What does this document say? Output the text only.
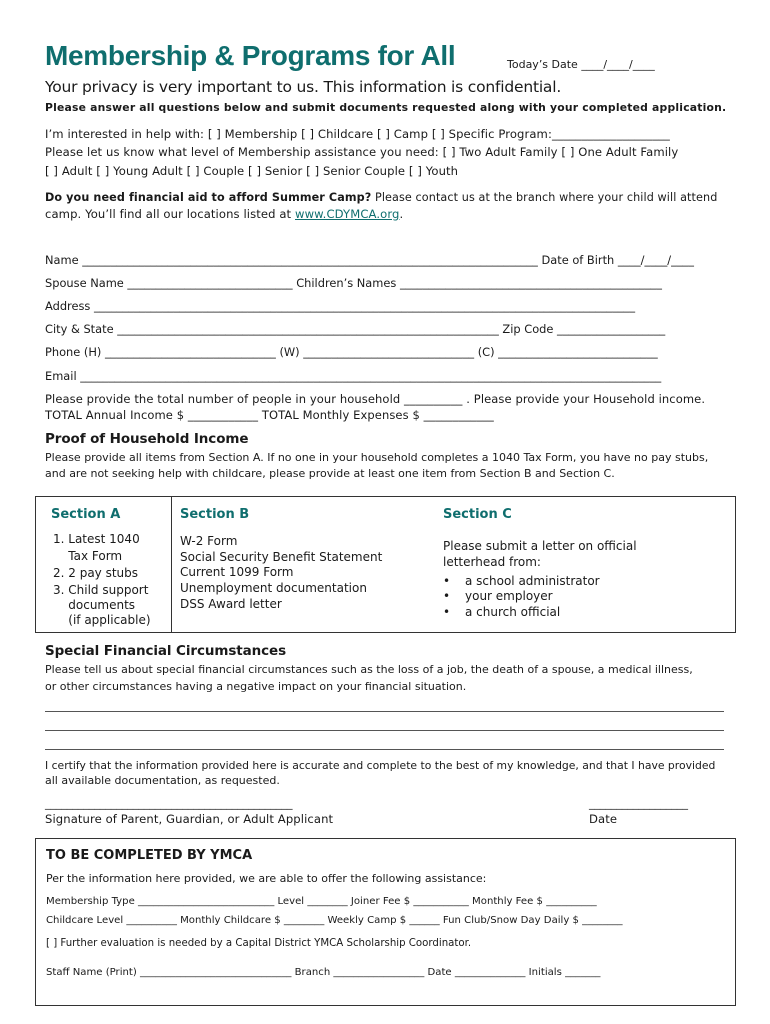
Membership & Programs for All	Today’s Date ____/____/____
Your privacy is very important to us. This information is confidential.
Please answer all questions below and submit documents requested along with your completed application.
I’m interested in help with: [ ] Membership [ ] Childcare [ ] Camp [ ] Specific Program:____________________
Please let us know what level of Membership assistance you need: [ ] Two Adult Family [ ] One Adult Family
[ ] Adult [ ] Young Adult [ ] Couple [ ] Senior [ ] Senior Couple [ ] Youth
Do you need financial aid to afford Summer Camp? Please contact us at the branch where your child will attend
camp. You’ll find all our locations listed at www.CDYMCA.org.
Name ________________________________________________________________________________ Date of Birth ____/____/____
Spouse Name _____________________________ Children’s Names ______________________________________________
Address _______________________________________________________________________________________________
City & State ___________________________________________________________________ Zip Code ___________________
Phone (H) ______________________________ (W) ______________________________ (C) ____________________________
Email ______________________________________________________________________________________________________
Please provide the total number of people in your household __________ . Please provide your Household income.
TOTAL Annual Income $ ____________ TOTAL Monthly Expenses $ ____________
Proof of Household Income
Please provide all items from Section A. If no one in your household completes a 1040 Tax Form, you have no pay stubs,
and are not seeking help with childcare, please provide at least one item from Section B and Section C.
Section A
1. Latest 1040
Tax Form
2. 2 pay stubs
3. Child support
documents
(if applicable)
Section B
W-2 Form
Social Security Benefit Statement
Current 1099 Form
Unemployment documentation
DSS Award letter
Section C
Please submit a letter on official
letterhead from:
• a school administrator
• your employer
• a church official
Special Financial Circumstances
Please tell us about special financial circumstances such as the loss of a job, the death of a spouse, a medical illness,
or other circumstances having a negative impact on your financial situation.
I certify that the information provided here is accurate and complete to the best of my knowledge, and that I have provided
all available documentation, as requested.
_____________________________________________	__________________
Signature of Parent, Guardian, or Adult Applicant	Date
TO BE COMPLETED BY YMCA
Per the information here provided, we are able to offer the following assistance:
Membership Type ___________________________ Level ________ Joiner Fee $ ___________ Monthly Fee $ __________
Childcare Level __________ Monthly Childcare $ ________ Weekly Camp $ ______ Fun Club/Snow Day Daily $ ________
[ ] Further evaluation is needed by a Capital District YMCA Scholarship Coordinator.
Staff Name (Print) ______________________________ Branch __________________ Date ______________ Initials _______
